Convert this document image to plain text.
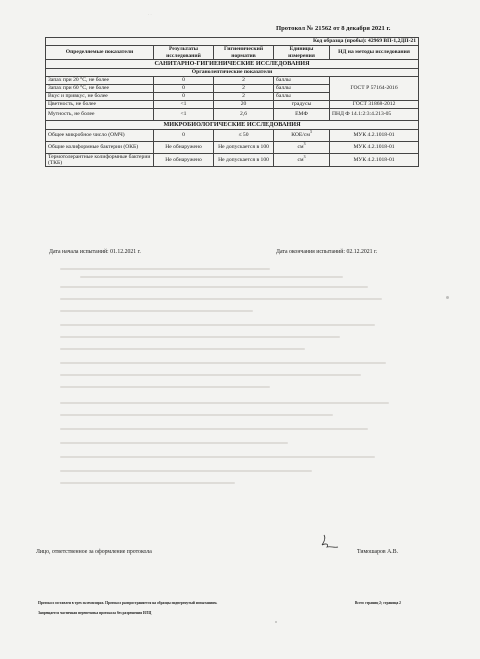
· ·
Протокол № 21562 от 8 декабря 2021 г.
Код образца (пробы): 42969 ВП-1,2ДП-21				
Определяемые показатели	Результаты исследований	Гигиенический норматив	Единицы измерения	НД на методы исследования
САНИТАРНО-ГИГИЕНИЧЕСКИЕ ИССЛЕДОВАНИЯ				
Органолептические показатели				
Запах при 20 °С, не более	0	2	баллы	ГОСТ Р 57164-2016
Запах при 60 °С, не более	0	2	баллы	
Вкус и привкус, не более	0	2	баллы	
Цветность, не более	<1	20	градусы	ГОСТ 31868-2012
Мутность, не более	<1	2,6	ЕМФ	ПНД Ф 14.1:2:3:4.213-05
МИКРОБИОЛОГИЧЕСКИЕ ИССЛЕДОВАНИЯ				
Общее микробное число (ОМЧ)	0	≤ 50	КОЕ/$см^3$	МУК 4.2.1018-01
Общие колиформные бактерии (ОКБ)	Не обнаружено	Не допускается в 100	$см^3$	МУК 4.2.1018-01
Термотолерантные колиформные бактерии (ТКБ)	Не обнаружено	Не допускается в 100	$см^3$	МУК 4.2.1018-01
Дата начала испытаний: 01.12.2021 г.	Дата окончания испытаний: 02.12.2021 г.
Лицо, ответственное за оформление протокола	Тимошаров А.В.
Протокол составлен в трех экземплярах. Протокол распространяется на образцы подвергнутый испытаниям.
Запрещается частичная перепечатка протокола без разрешения ИЛЦ
Всего страниц 2; страница 2
